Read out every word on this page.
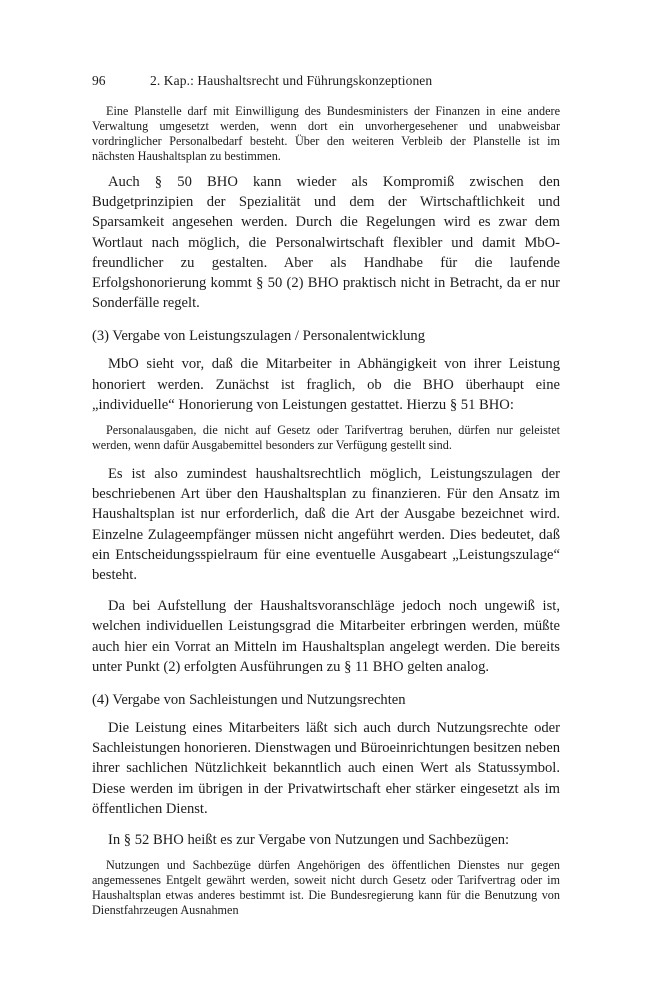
96	2. Kap.: Haushaltsrecht und Führungskonzeptionen

Eine Planstelle darf mit Einwilligung des Bundesministers der Finanzen in eine andere Verwaltung umgesetzt werden, wenn dort ein unvorhergesehener und unabweisbar vordringlicher Personalbedarf besteht. Über den weiteren Verbleib der Planstelle ist im nächsten Haushaltsplan zu bestimmen.

Auch § 50 BHO kann wieder als Kompromiß zwischen den Budgetprinzipien der Spezialität und dem der Wirtschaftlichkeit und Sparsamkeit angesehen werden. Durch die Regelungen wird es zwar dem Wortlaut nach möglich, die Personalwirtschaft flexibler und damit MbO-freundlicher zu gestalten. Aber als Handhabe für die laufende Erfolgshonorierung kommt § 50 (2) BHO praktisch nicht in Betracht, da er nur Sonderfälle regelt.

(3) Vergabe von Leistungszulagen / Personalentwicklung

MbO sieht vor, daß die Mitarbeiter in Abhängigkeit von ihrer Leistung honoriert werden. Zunächst ist fraglich, ob die BHO überhaupt eine „individuelle“ Honorierung von Leistungen gestattet. Hierzu § 51 BHO:

Personalausgaben, die nicht auf Gesetz oder Tarifvertrag beruhen, dürfen nur geleistet werden, wenn dafür Ausgabemittel besonders zur Verfügung gestellt sind.

Es ist also zumindest haushaltsrechtlich möglich, Leistungszulagen der beschriebenen Art über den Haushaltsplan zu finanzieren. Für den Ansatz im Haushaltsplan ist nur erforderlich, daß die Art der Ausgabe bezeichnet wird. Einzelne Zulageempfänger müssen nicht angeführt werden. Dies bedeutet, daß ein Entscheidungsspielraum für eine eventuelle Ausgabeart „Leistungszulage“ besteht.

Da bei Aufstellung der Haushaltsvoranschläge jedoch noch ungewiß ist, welchen individuellen Leistungsgrad die Mitarbeiter erbringen werden, müßte auch hier ein Vorrat an Mitteln im Haushaltsplan angelegt werden. Die bereits unter Punkt (2) erfolgten Ausführungen zu § 11 BHO gelten analog.

(4) Vergabe von Sachleistungen und Nutzungsrechten

Die Leistung eines Mitarbeiters läßt sich auch durch Nutzungsrechte oder Sachleistungen honorieren. Dienstwagen und Büroeinrichtungen besitzen neben ihrer sachlichen Nützlichkeit bekanntlich auch einen Wert als Statussymbol. Diese werden im übrigen in der Privatwirtschaft eher stärker eingesetzt als im öffentlichen Dienst.

In § 52 BHO heißt es zur Vergabe von Nutzungen und Sachbezügen:

Nutzungen und Sachbezüge dürfen Angehörigen des öffentlichen Dienstes nur gegen angemessenes Entgelt gewährt werden, soweit nicht durch Gesetz oder Tarifvertrag oder im Haushaltsplan etwas anderes bestimmt ist. Die Bundesregierung kann für die Benutzung von Dienstfahrzeugen Ausnahmen
